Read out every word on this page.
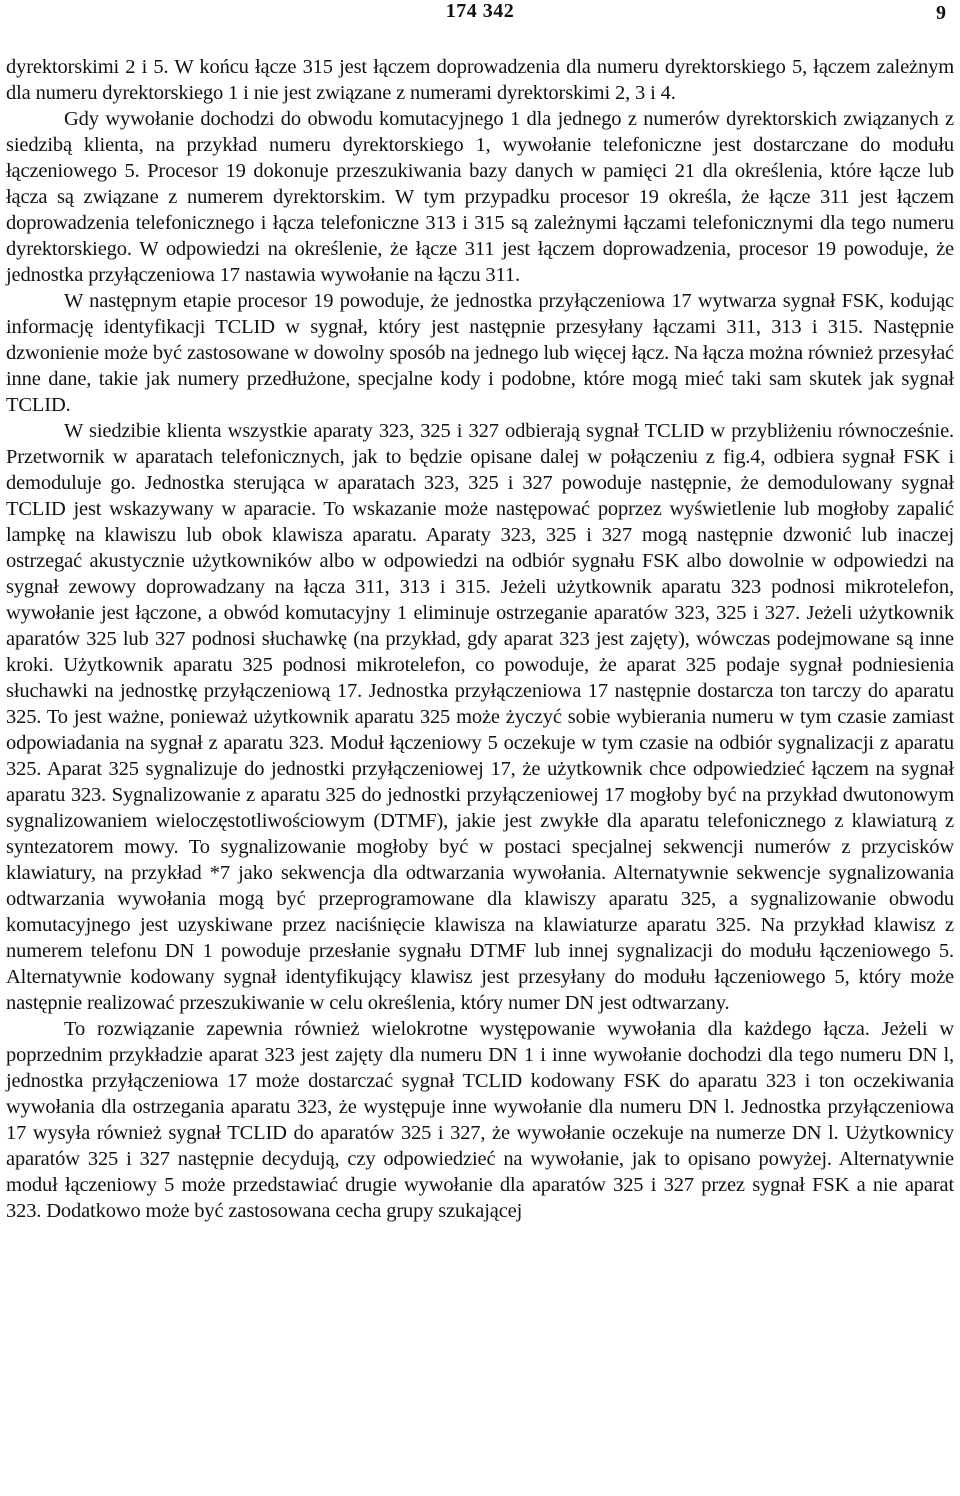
174 342	9

dyrektorskimi 2 i 5. W końcu łącze 315 jest łączem doprowadzenia dla numeru dyrektorskiego 5, łączem zależnym dla numeru dyrektorskiego 1 i nie jest związane z numerami dyrektorskimi 2, 3 i 4.

Gdy wywołanie dochodzi do obwodu komutacyjnego 1 dla jednego z numerów dyrektorskich związanych z siedzibą klienta, na przykład numeru dyrektorskiego 1, wywołanie telefoniczne jest dostarczane do modułu łączeniowego 5. Procesor 19 dokonuje przeszukiwania bazy danych w pamięci 21 dla określenia, które łącze lub łącza są związane z numerem dyrektorskim. W tym przypadku procesor 19 określa, że łącze 311 jest łączem doprowadzenia telefonicznego i łącza telefoniczne 313 i 315 są zależnymi łączami telefonicznymi dla tego numeru dyrektorskiego. W odpowiedzi na określenie, że łącze 311 jest łączem doprowadzenia, procesor 19 powoduje, że jednostka przyłączeniowa 17 nastawia wywołanie na łączu 311.

W następnym etapie procesor 19 powoduje, że jednostka przyłączeniowa 17 wytwarza sygnał FSK, kodując informację identyfikacji TCLID w sygnał, który jest następnie przesyłany łączami 311, 313 i 315. Następnie dzwonienie może być zastosowane w dowolny sposób na jednego lub więcej łącz. Na łącza można również przesyłać inne dane, takie jak numery przedłużone, specjalne kody i podobne, które mogą mieć taki sam skutek jak sygnał TCLID.

W siedzibie klienta wszystkie aparaty 323, 325 i 327 odbierają sygnał TCLID w przybliżeniu równocześnie. Przetwornik w aparatach telefonicznych, jak to będzie opisane dalej w połączeniu z fig.4, odbiera sygnał FSK i demoduluje go. Jednostka sterująca w aparatach 323, 325 i 327 powoduje następnie, że demodulowany sygnał TCLID jest wskazywany w aparacie. To wskazanie może następować poprzez wyświetlenie lub mogłoby zapalić lampkę na klawiszu lub obok klawisza aparatu. Aparaty 323, 325 i 327 mogą następnie dzwonić lub inaczej ostrzegać akustycznie użytkowników albo w odpowiedzi na odbiór sygnału FSK albo dowolnie w odpowiedzi na sygnał zewowy doprowadzany na łącza 311, 313 i 315. Jeżeli użytkownik aparatu 323 podnosi mikrotelefon, wywołanie jest łączone, a obwód komutacyjny 1 eliminuje ostrzeganie aparatów 323, 325 i 327. Jeżeli użytkownik aparatów 325 lub 327 podnosi słuchawkę (na przykład, gdy aparat 323 jest zajęty), wówczas podejmowane są inne kroki. Użytkownik aparatu 325 podnosi mikrotelefon, co powoduje, że aparat 325 podaje sygnał podniesienia słuchawki na jednostkę przyłączeniową 17. Jednostka przyłączeniowa 17 następnie dostarcza ton tarczy do aparatu 325. To jest ważne, ponieważ użytkownik aparatu 325 może życzyć sobie wybierania numeru w tym czasie zamiast odpowiadania na sygnał z aparatu 323. Moduł łączeniowy 5 oczekuje w tym czasie na odbiór sygnalizacji z aparatu 325. Aparat 325 sygnalizuje do jednostki przyłączeniowej 17, że użytkownik chce odpowiedzieć łączem na sygnał aparatu 323. Sygnalizowanie z aparatu 325 do jednostki przyłączeniowej 17 mogłoby być na przykład dwutonowym sygnalizowaniem wieloczęstotliwościowym (DTMF), jakie jest zwykłe dla aparatu telefonicznego z klawiaturą z syntezatorem mowy. To sygnalizowanie mogłoby być w postaci specjalnej sekwencji numerów z przycisków klawiatury, na przykład *7 jako sekwencja dla odtwarzania wywołania. Alternatywnie sekwencje sygnalizowania odtwarzania wywołania mogą być przeprogramowane dla klawiszy aparatu 325, a sygnalizowanie obwodu komutacyjnego jest uzyskiwane przez naciśnięcie klawisza na klawiaturze aparatu 325. Na przykład klawisz z numerem telefonu DN 1 powoduje przesłanie sygnału DTMF lub innej sygnalizacji do modułu łączeniowego 5. Alternatywnie kodowany sygnał identyfikujący klawisz jest przesyłany do modułu łączeniowego 5, który może następnie realizować przeszukiwanie w celu określenia, który numer DN jest odtwarzany.

To rozwiązanie zapewnia również wielokrotne występowanie wywołania dla każdego łącza. Jeżeli w poprzednim przykładzie aparat 323 jest zajęty dla numeru DN 1 i inne wywołanie dochodzi dla tego numeru DN l, jednostka przyłączeniowa 17 może dostarczać sygnał TCLID kodowany FSK do aparatu 323 i ton oczekiwania wywołania dla ostrzegania aparatu 323, że występuje inne wywołanie dla numeru DN l. Jednostka przyłączeniowa 17 wysyła również sygnał TCLID do aparatów 325 i 327, że wywołanie oczekuje na numerze DN l. Użytkownicy aparatów 325 i 327 następnie decydują, czy odpowiedzieć na wywołanie, jak to opisano powyżej. Alternatywnie moduł łączeniowy 5 może przedstawiać drugie wywołanie dla aparatów 325 i 327 przez sygnał FSK a nie aparat 323. Dodatkowo może być zastosowana cecha grupy szukającej
